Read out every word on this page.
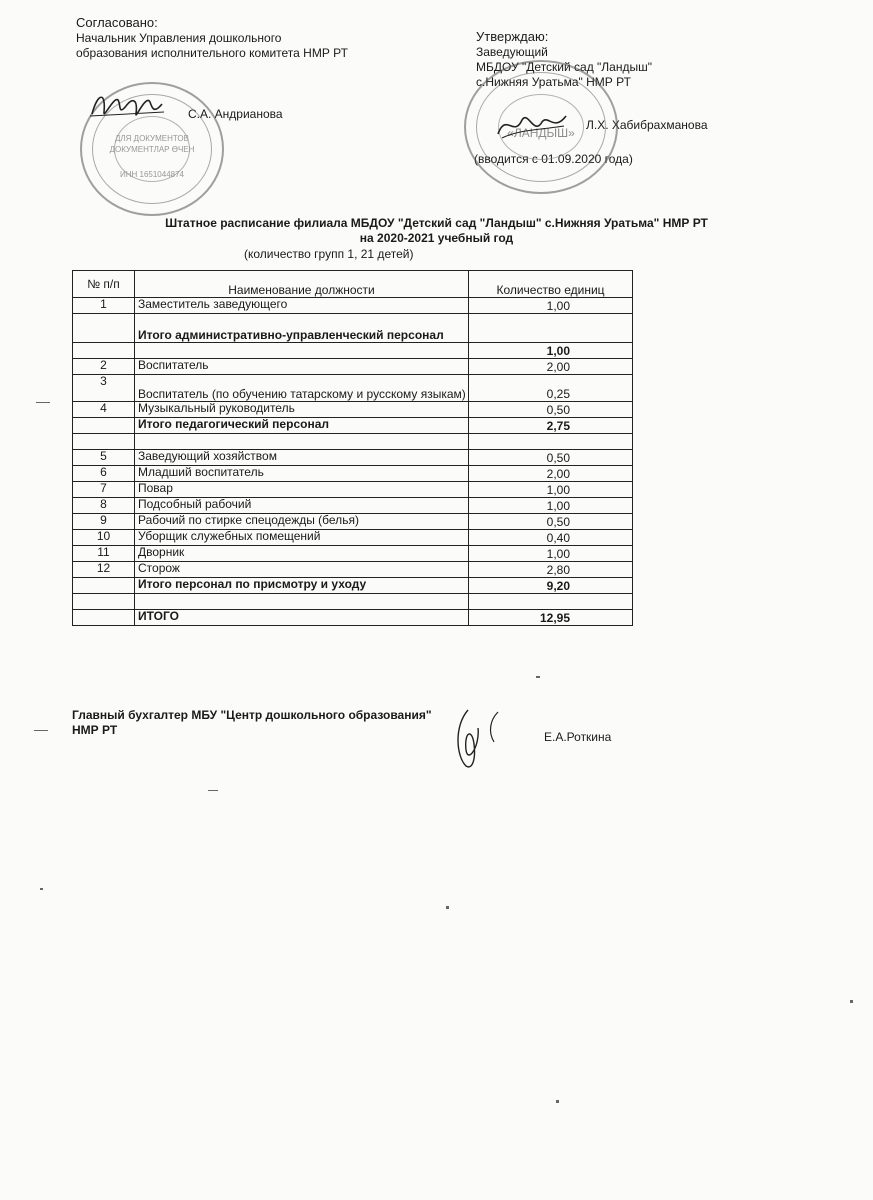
Согласовано:
Начальник Управления дошкольного
образования исполнительного комитета НМР РТ
С.А. Андрианова
ДЛЯ ДОКУМЕНТОВ
ДОКУМЕНТЛАР ӨЧЕН
ИНН 1651044874
Утверждаю:
Заведующий
МБДОУ "Детский сад "Ландыш"
с.Нижняя Уратьма" НМР РТ
Л.Х. Хабибрахманова
(вводится с 01.09.2020 года)
«ЛАНДЫШ»
Штатное расписание филиала МБДОУ "Детский сад "Ландыш" с.Нижняя Уратьма" НМР РТ
на 2020-2021 учебный год
(количество групп 1, 21 детей)
№ п/п	Наименование должности	Количество единиц
1	Заместитель заведующего	1,00
	Итого административно-управленческий персонал	
		1,00
2	Воспитатель	2,00
3	Воспитатель (по обучению татарскому и русскому языкам)	0,25
4	Музыкальный руководитель	0,50
	Итого педагогический персонал	2,75

5	Заведующий хозяйством	0,50
6	Младший воспитатель	2,00
7	Повар	1,00
8	Подсобный рабочий	1,00
9	Рабочий по стирке спецодежды (белья)	0,50
10	Уборщик служебных помещений	0,40
11	Дворник	1,00
12	Сторож	2,80
	Итого персонал по присмотру и уходу	9,20

	ИТОГО	12,95
Главный бухгалтер МБУ "Центр дошкольного образования"
НМР РТ	Е.А.Роткина
